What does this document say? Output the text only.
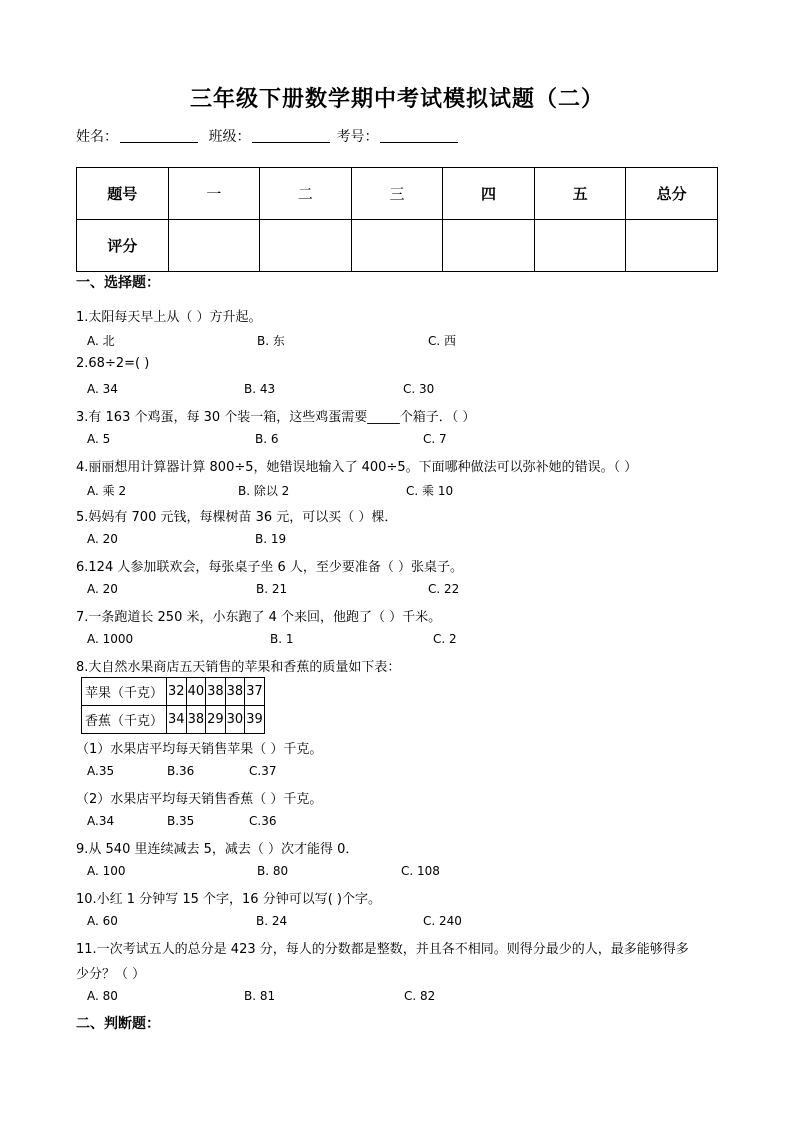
三年级下册数学期中考试模拟试题（二）
姓名：	班级：	考号：
题号	一	二	三	四	五	总分
评分						
一、选择题：
1.太阳每天早上从（ ）方升起。
A. 北	B. 东	C. 西
2.68÷2=( )
A. 34	B. 43	C. 30
3.有 163 个鸡蛋，每 30 个装一箱，这些鸡蛋需要_____个箱子．（ ）
A. 5	B. 6	C. 7
4.丽丽想用计算器计算 800÷5，她错误地输入了 400÷5。下面哪种做法可以弥补她的错误。（ ）
A. 乘 2	B. 除以 2	C. 乘 10
5.妈妈有 700 元钱，每棵树苗 36 元，可以买（ ）棵．
A. 20	B. 19
6.124 人参加联欢会，每张桌子坐 6 人，至少要准备（ ）张桌子。
A. 20	B. 21	C. 22
7.一条跑道长 250 米，小东跑了 4 个来回，他跑了（ ）千米。
A. 1000	B. 1	C. 2
8.大自然水果商店五天销售的苹果和香蕉的质量如下表：
苹果（千克）	32	40	38	38	37
香蕉（千克）	34	38	29	30	39
（1）水果店平均每天销售苹果（ ）千克。
A.35	B.36	C.37
（2）水果店平均每天销售香蕉（ ）千克。
A.34	B.35	C.36
9.从 540 里连续减去 5，减去（ ）次才能得 0．
A. 100	B. 80	C. 108
10.小红 1 分钟写 15 个字，16 分钟可以写( )个字。
A. 60	B. 24	C. 240
11.一次考试五人的总分是 423 分，每人的分数都是整数，并且各不相同。则得分最少的人，最多能够得多
少分？（ ）
A. 80	B. 81	C. 82
二、判断题：
